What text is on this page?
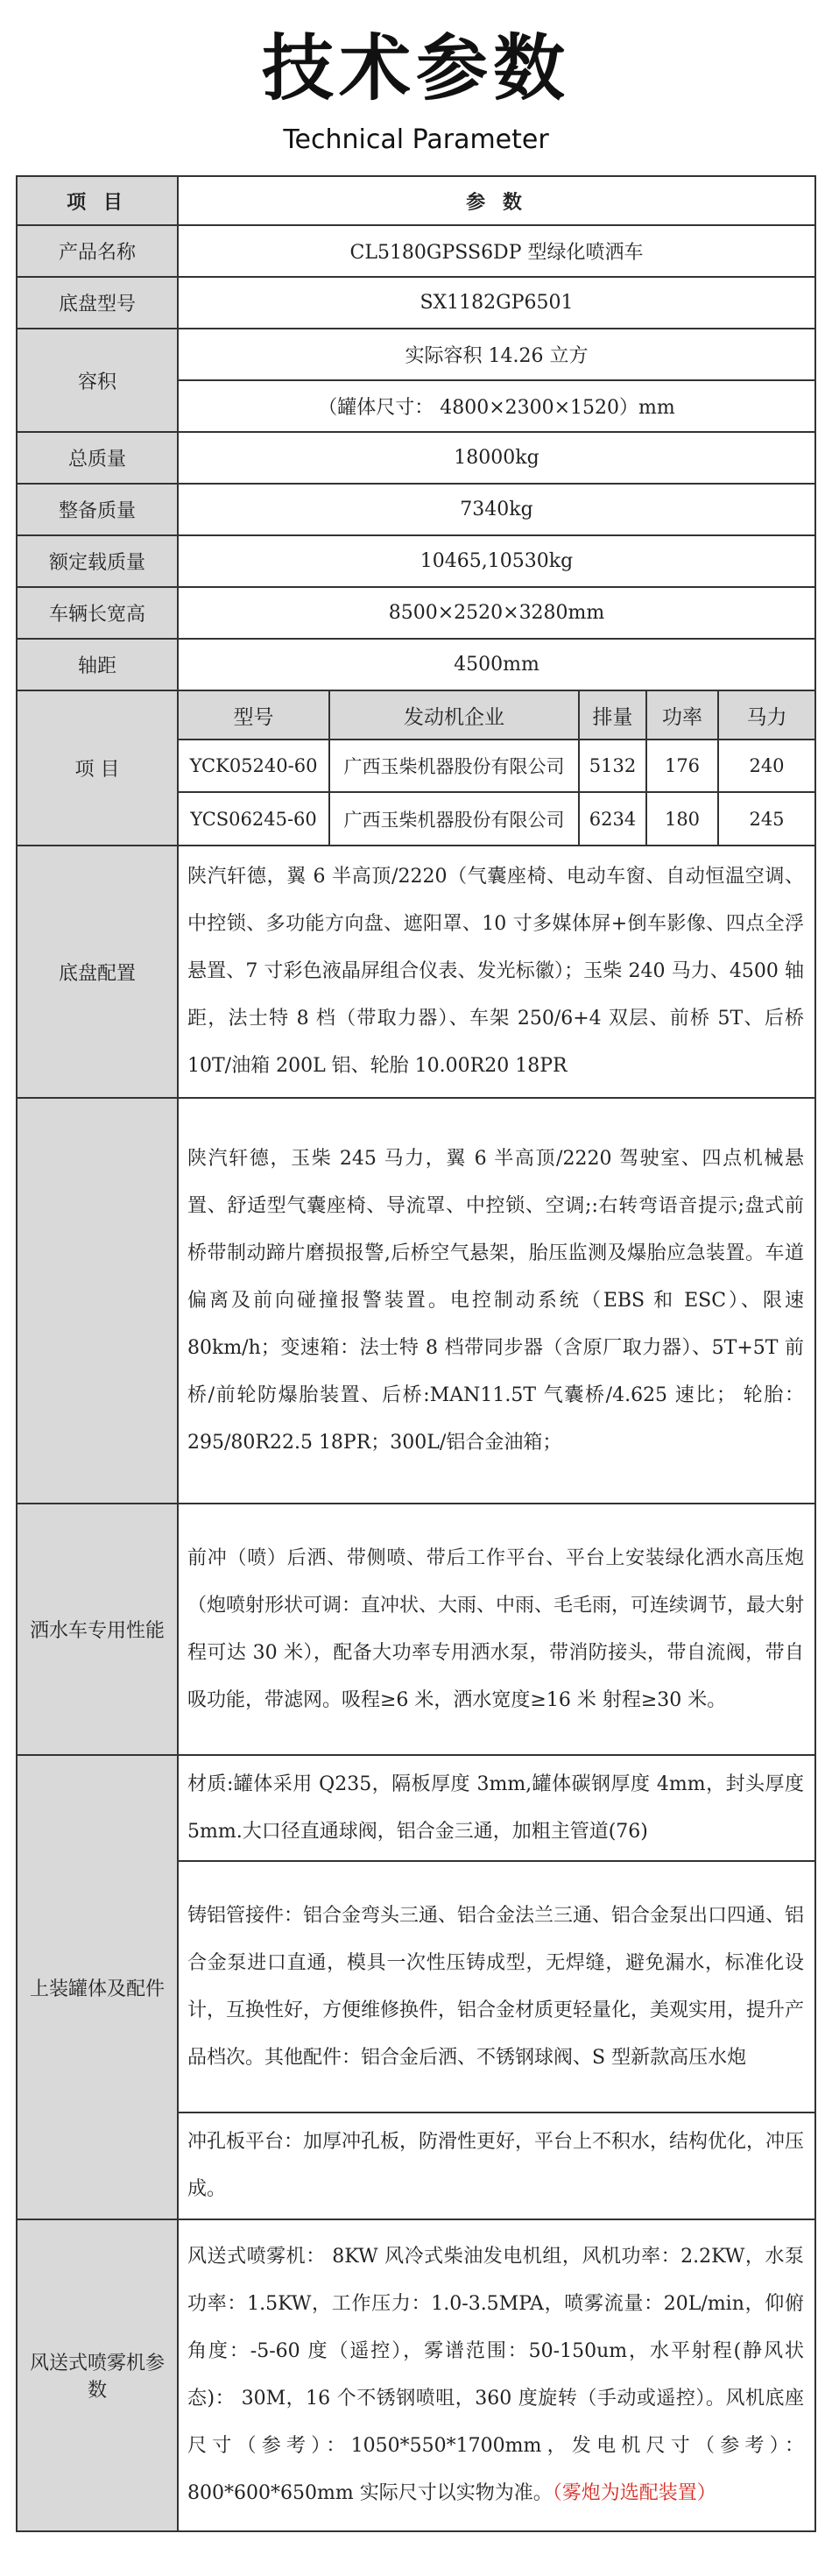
技术参数
Technical Parameter
项 目	参 数
产品名称	CL5180GPSS6DP 型绿化喷洒车
底盘型号	SX1182GP6501
容积	实际容积 14.26 立方
（罐体尺寸： 4800×2300×1520）mm
总质量	18000kg
整备质量	7340kg
额定载质量	10465,10530kg
车辆长宽高	8500×2520×3280mm
轴距	4500mm
项 目	
型号	发动机企业	排量	功率	马力
YCK05240-60	广西玉柴机器股份有限公司	5132	176	240
YCS06245-60	广西玉柴机器股份有限公司	6234	180	245

底盘配置	陕汽轩德，翼 6 半高顶/2220（气囊座椅、电动车窗、自动恒温空调、中控锁、多功能方向盘、遮阳罩、10 寸多媒体屏+倒车影像、四点全浮悬置、7 寸彩色液晶屏组合仪表、发光标徽）；玉柴 240 马力、4500 轴距，法士特 8 档（带取力器）、车架 250/6+4 双层、前桥 5T、后桥 10T/油箱 200L 铝、轮胎 10.00R20 18PR
	陕汽轩德，玉柴 245 马力，翼 6 半高顶/2220 驾驶室、四点机械悬置、舒适型气囊座椅、导流罩、中控锁、空调;:右转弯语音提示;盘式前桥带制动蹄片磨损报警,后桥空气悬架，胎压监测及爆胎应急装置。车道偏离及前向碰撞报警装置。电控制动系统（EBS 和 ESC）、限速 80km/h；变速箱：法士特 8 档带同步器（含原厂取力器）、5T+5T 前桥/前轮防爆胎装置、后桥:MAN11.5T 气囊桥/4.625 速比； 轮胎：295/80R22.5 18PR；300L/铝合金油箱；
洒水车专用性能	前冲（喷）后洒、带侧喷、带后工作平台、平台上安装绿化洒水高压炮（炮喷射形状可调：直冲状、大雨、中雨、毛毛雨，可连续调节，最大射程可达 30 米），配备大功率专用洒水泵，带消防接头，带自流阀，带自吸功能，带滤网。吸程≥6 米，洒水宽度≥16 米 射程≥30 米。
上装罐体及配件	材质:罐体采用 Q235，隔板厚度 3mm,罐体碳钢厚度 4mm，封头厚度 5mm.大口径直通球阀，铝合金三通，加粗主管道(76)
铸铝管接件：铝合金弯头三通、铝合金法兰三通、铝合金泵出口四通、铝合金泵进口直通，模具一次性压铸成型，无焊缝，避免漏水，标准化设计，互换性好，方便维修换件，铝合金材质更轻量化，美观实用，提升产品档次。其他配件：铝合金后洒、不锈钢球阀、S 型新款高压水炮
冲孔板平台：加厚冲孔板，防滑性更好，平台上不积水，结构优化，冲压成。
风送式喷雾机参数	风送式喷雾机： 8KW 风冷式柴油发电机组，风机功率：2.2KW，水泵功率：1.5KW，工作压力：1.0-3.5MPA，喷雾流量：20L/min，仰俯角度：-5-60 度（遥控），雾谱范围：50-150um，水平射程(静风状态)： 30M，16 个不锈钢喷咀，360 度旋转（手动或遥控）。风机底座尺寸（参考）：1050*550*1700mm，发电机尺寸（参考）：800*600*650mm 实际尺寸以实物为准。（雾炮为选配装置）
